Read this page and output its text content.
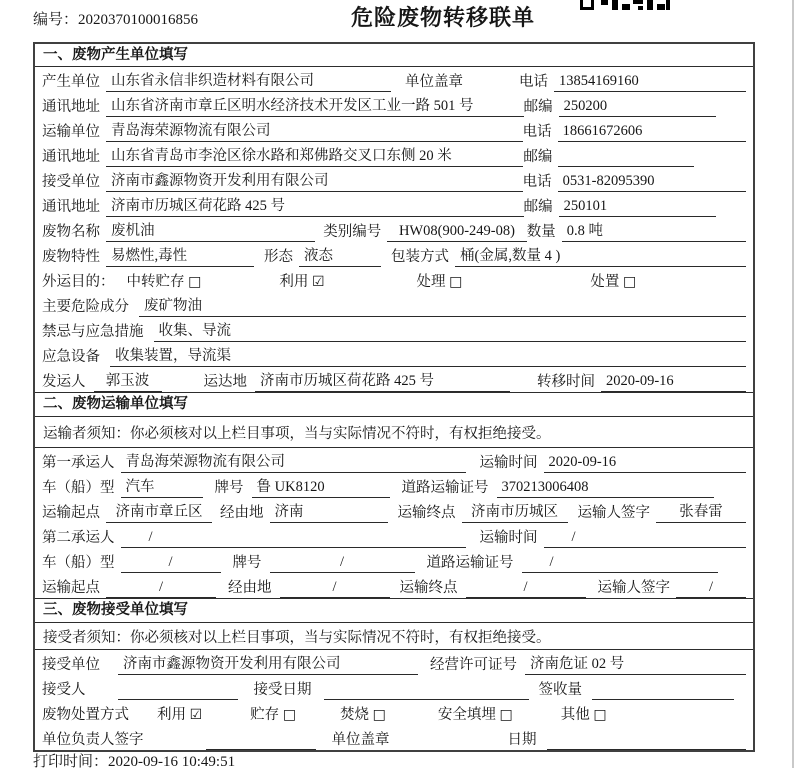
编号：2020370100016856	危险废物转移联单
一、废物产生单位填写
产生单位 山东省永信非织造材料有限公司	单位盖章	电话 13854169160
通讯地址 山东省济南市章丘区明水经济技术开发区工业一路 501 号	邮编 250200
运输单位 青岛海荣源物流有限公司	电话 18661672606
通讯地址 山东省青岛市李沧区徐水路和郑佛路交叉口东侧 20 米	邮编
接受单位 济南市鑫源物资开发利用有限公司	电话 0531-82095390
通讯地址 济南市历城区荷花路 425 号	邮编 250101
废物名称 废机油	类别编号	HW08(900-249-08) 数量 0.8 吨
废物特性 易燃性,毒性	形态 液态	包装方式 桶(金属,数量 4 )
外运目的： 中转贮存 □	利用 ☑	处理 □	处置 □
主要危险成分	废矿物油
禁忌与应急措施	收集、导流
应急设备	收集装置，导流渠
发运人	郭玉波	运达地 济南市历城区荷花路 425 号	转移时间 2020-09-16
二、废物运输单位填写
运输者须知： 你必须核对以上栏目事项，当与实际情况不符时，有权拒绝接受。
第一承运人 青岛海荣源物流有限公司	运输时间 2020-09-16
车（船）型 汽车	牌号 鲁 UK8120	道路运输证号 370213006408
运输起点	济南市章丘区	经由地 济南	运输终点	济南市历城区	运输人签字	张春雷
第二承运人	/	运输时间	/
车（船）型	/	牌号	/	道路运输证号	/
运输起点	/	经由地	/	运输终点	/	运输人签字	/
三、废物接受单位填写
接受者须知： 你必须核对以上栏目事项，当与实际情况不符时，有权拒绝接受。
接受单位	济南市鑫源物资开发利用有限公司	经营许可证号 济南危证 02 号
接受人	接受日期	签收量
废物处置方式 利用 ☑	贮存 □	焚烧 □	安全填埋 □	其他 □
单位负责人签字	单位盖章	日期
打印时间：2020-09-16 10:49:51
